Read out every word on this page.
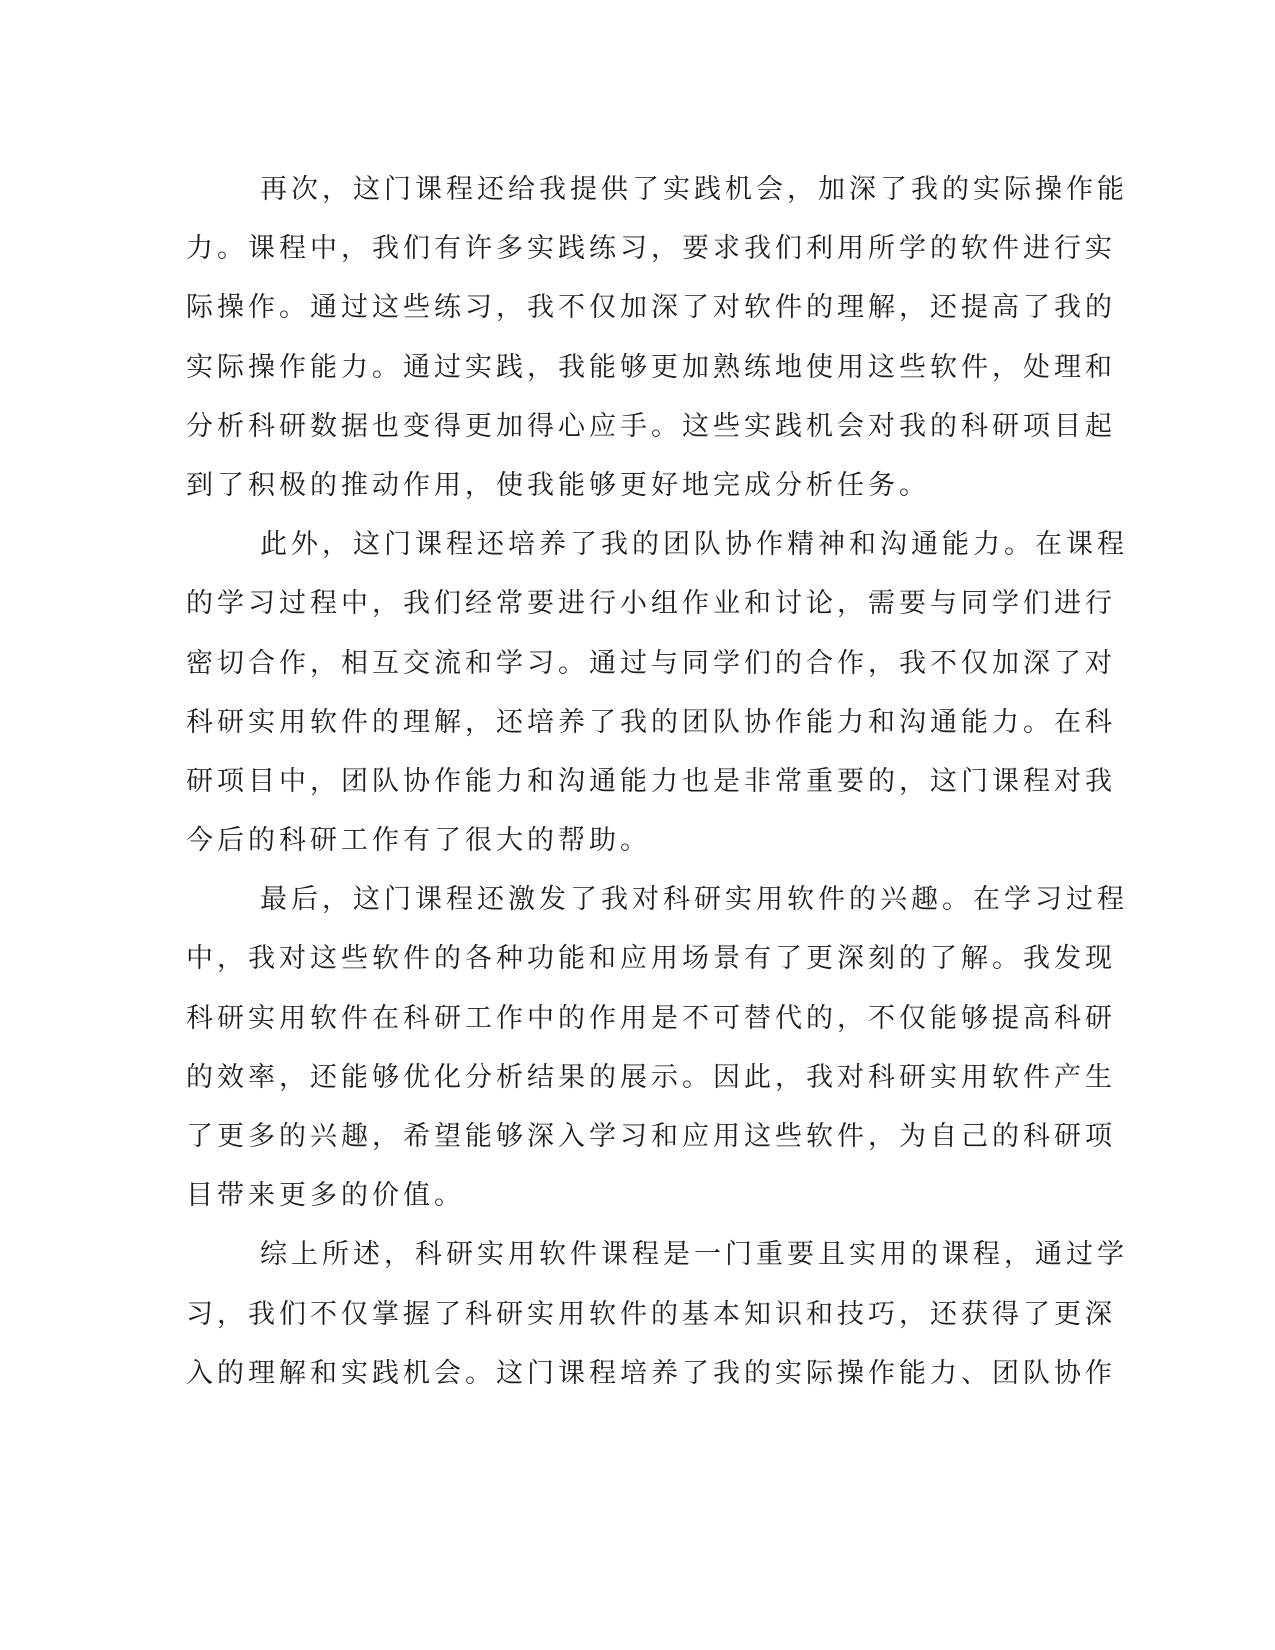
再次，这门课程还给我提供了实践机会，加深了我的实际操作能
力。课程中，我们有许多实践练习，要求我们利用所学的软件进行实
际操作。通过这些练习，我不仅加深了对软件的理解，还提高了我的
实际操作能力。通过实践，我能够更加熟练地使用这些软件，处理和
分析科研数据也变得更加得心应手。这些实践机会对我的科研项目起
到了积极的推动作用，使我能够更好地完成分析任务。
此外，这门课程还培养了我的团队协作精神和沟通能力。在课程
的学习过程中，我们经常要进行小组作业和讨论，需要与同学们进行
密切合作，相互交流和学习。通过与同学们的合作，我不仅加深了对
科研实用软件的理解，还培养了我的团队协作能力和沟通能力。在科
研项目中，团队协作能力和沟通能力也是非常重要的，这门课程对我
今后的科研工作有了很大的帮助。
最后，这门课程还激发了我对科研实用软件的兴趣。在学习过程
中，我对这些软件的各种功能和应用场景有了更深刻的了解。我发现
科研实用软件在科研工作中的作用是不可替代的，不仅能够提高科研
的效率，还能够优化分析结果的展示。因此，我对科研实用软件产生
了更多的兴趣，希望能够深入学习和应用这些软件，为自己的科研项
目带来更多的价值。
综上所述，科研实用软件课程是一门重要且实用的课程，通过学
习，我们不仅掌握了科研实用软件的基本知识和技巧，还获得了更深
入的理解和实践机会。这门课程培养了我的实际操作能力、团队协作
